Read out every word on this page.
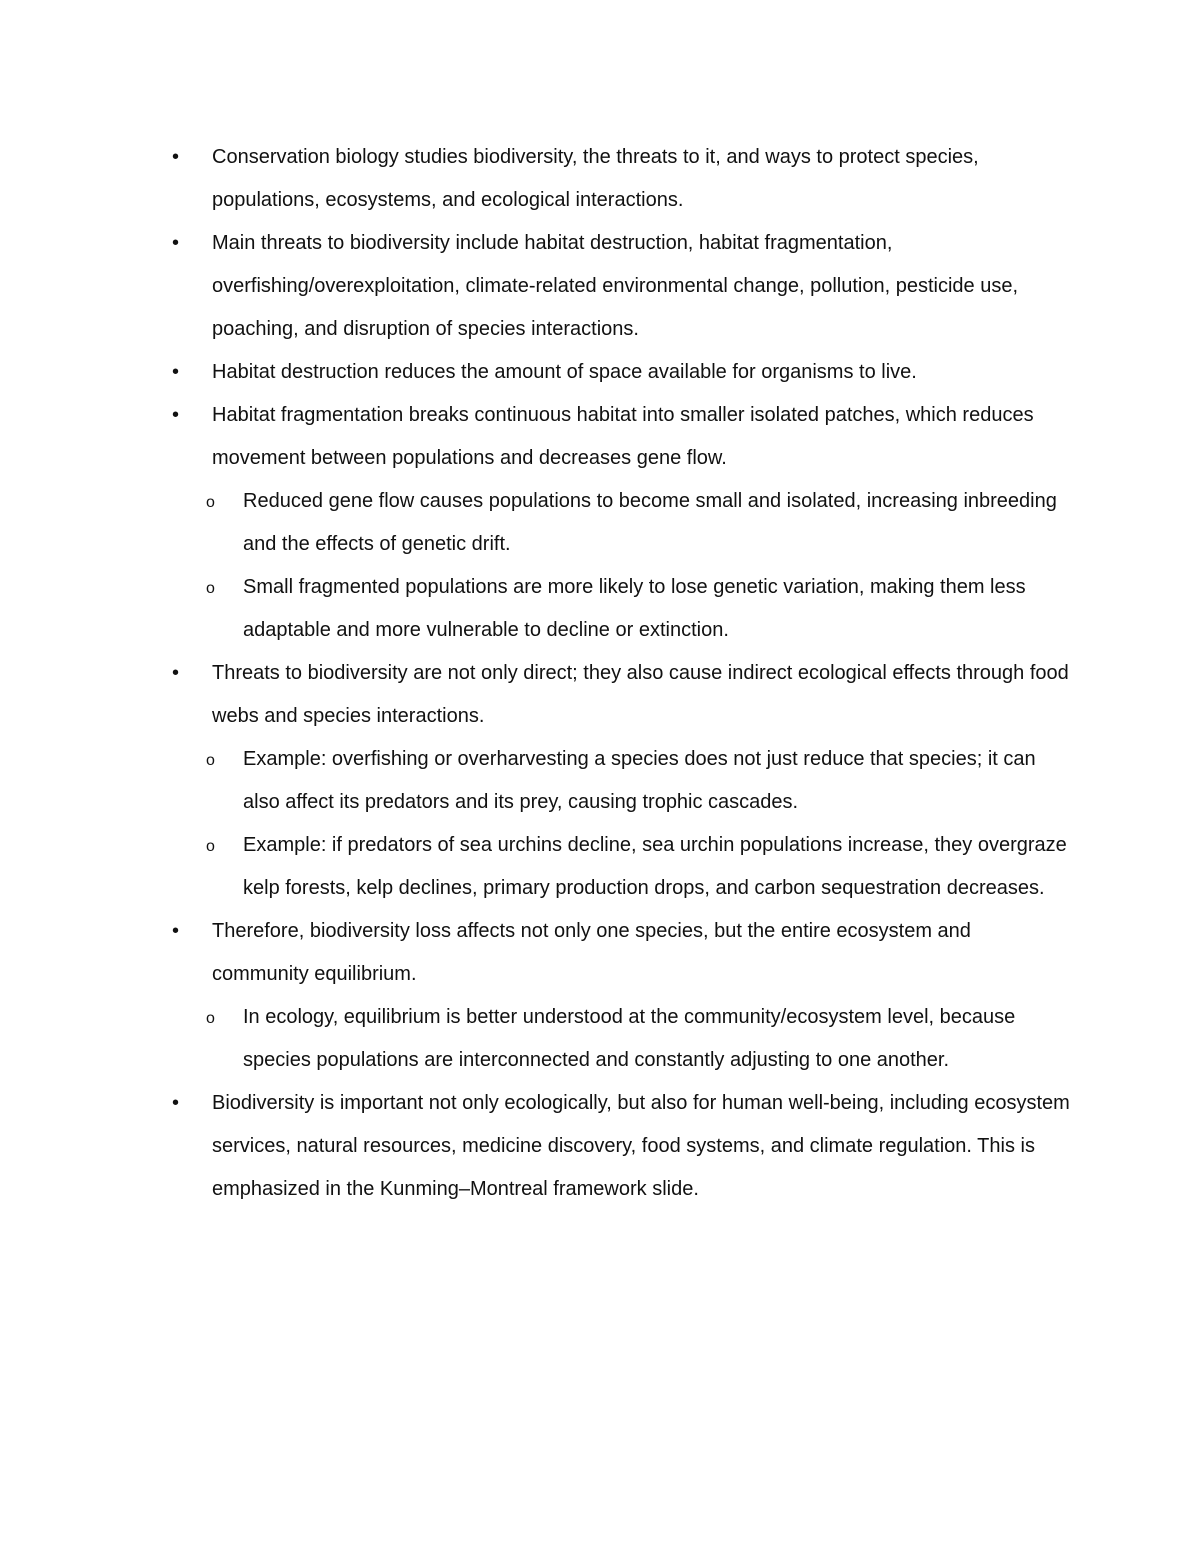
•	Conservation biology studies biodiversity, the threats to it, and ways to protect species, populations, ecosystems, and ecological interactions.
•	Main threats to biodiversity include habitat destruction, habitat fragmentation, overfishing/overexploitation, climate-related environmental change, pollution, pesticide use, poaching, and disruption of species interactions.
•	Habitat destruction reduces the amount of space available for organisms to live.
•	Habitat fragmentation breaks continuous habitat into smaller isolated patches, which reduces movement between populations and decreases gene flow.
o	Reduced gene flow causes populations to become small and isolated, increasing inbreeding and the effects of genetic drift.
o	Small fragmented populations are more likely to lose genetic variation, making them less adaptable and more vulnerable to decline or extinction.
•	Threats to biodiversity are not only direct; they also cause indirect ecological effects through food webs and species interactions.
o	Example: overfishing or overharvesting a species does not just reduce that species; it can also affect its predators and its prey, causing trophic cascades.
o	Example: if predators of sea urchins decline, sea urchin populations increase, they overgraze kelp forests, kelp declines, primary production drops, and carbon sequestration decreases.
•	Therefore, biodiversity loss affects not only one species, but the entire ecosystem and community equilibrium.
o	In ecology, equilibrium is better understood at the community/ecosystem level, because species populations are interconnected and constantly adjusting to one another.
•	Biodiversity is important not only ecologically, but also for human well-being, including ecosystem services, natural resources, medicine discovery, food systems, and climate regulation. This is emphasized in the Kunming–Montreal framework slide.
